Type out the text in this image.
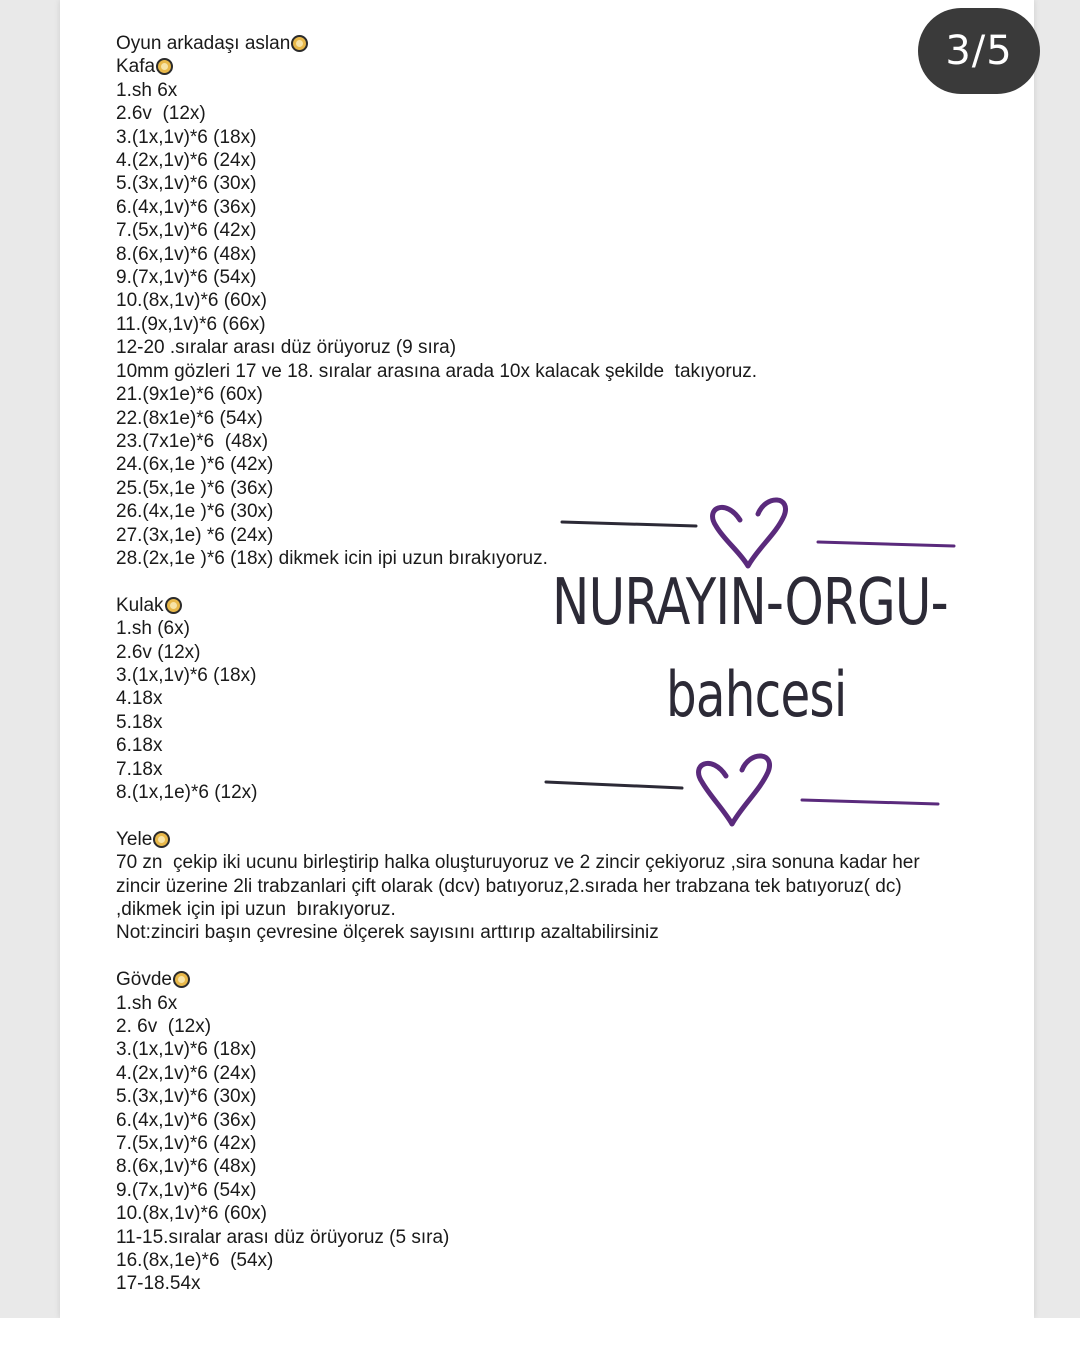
3/5
Oyun arkadaşı aslan
Kafa
1.sh 6x
2.6v  (12x)
3.(1x,1v)*6 (18x)
4.(2x,1v)*6 (24x)
5.(3x,1v)*6 (30x)
6.(4x,1v)*6 (36x)
7.(5x,1v)*6 (42x)
8.(6x,1v)*6 (48x)
9.(7x,1v)*6 (54x)
10.(8x,1v)*6 (60x)
11.(9x,1v)*6 (66x)
12-20 .sıralar arası düz örüyoruz (9 sıra)
10mm gözleri 17 ve 18. sıralar arasına arada 10x kalacak şekilde  takıyoruz.
21.(9x1e)*6 (60x)
22.(8x1e)*6 (54x)
23.(7x1e)*6  (48x)
24.(6x,1e )*6 (42x)
25.(5x,1e )*6 (36x)
26.(4x,1e )*6 (30x)
27.(3x,1e) *6 (24x)
28.(2x,1e )*6 (18x) dikmek icin ipi uzun bırakıyoruz.
Kulak
1.sh (6x)
2.6v (12x)
3.(1x,1v)*6 (18x)
4.18x
5.18x
6.18x
7.18x
8.(1x,1e)*6 (12x)
Yele
70 zn  çekip iki ucunu birleştirip halka oluşturuyoruz ve 2 zincir çekiyoruz ,sira sonuna kadar her
zincir üzerine 2li trabzanlari çift olarak (dcv) batıyoruz,2.sırada her trabzana tek batıyoruz( dc)
,dikmek için ipi uzun  bırakıyoruz.
Not:zinciri başın çevresine ölçerek sayısını arttırıp azaltabilirsiniz
Gövde
1.sh 6x
2. 6v  (12x)
3.(1x,1v)*6 (18x)
4.(2x,1v)*6 (24x)
5.(3x,1v)*6 (30x)
6.(4x,1v)*6 (36x)
7.(5x,1v)*6 (42x)
8.(6x,1v)*6 (48x)
9.(7x,1v)*6 (54x)
10.(8x,1v)*6 (60x)
11-15.sıralar arası düz örüyoruz (5 sıra)
16.(8x,1e)*6  (54x)
17-18.54x
NURAYIN-ORGU-
bahcesi
